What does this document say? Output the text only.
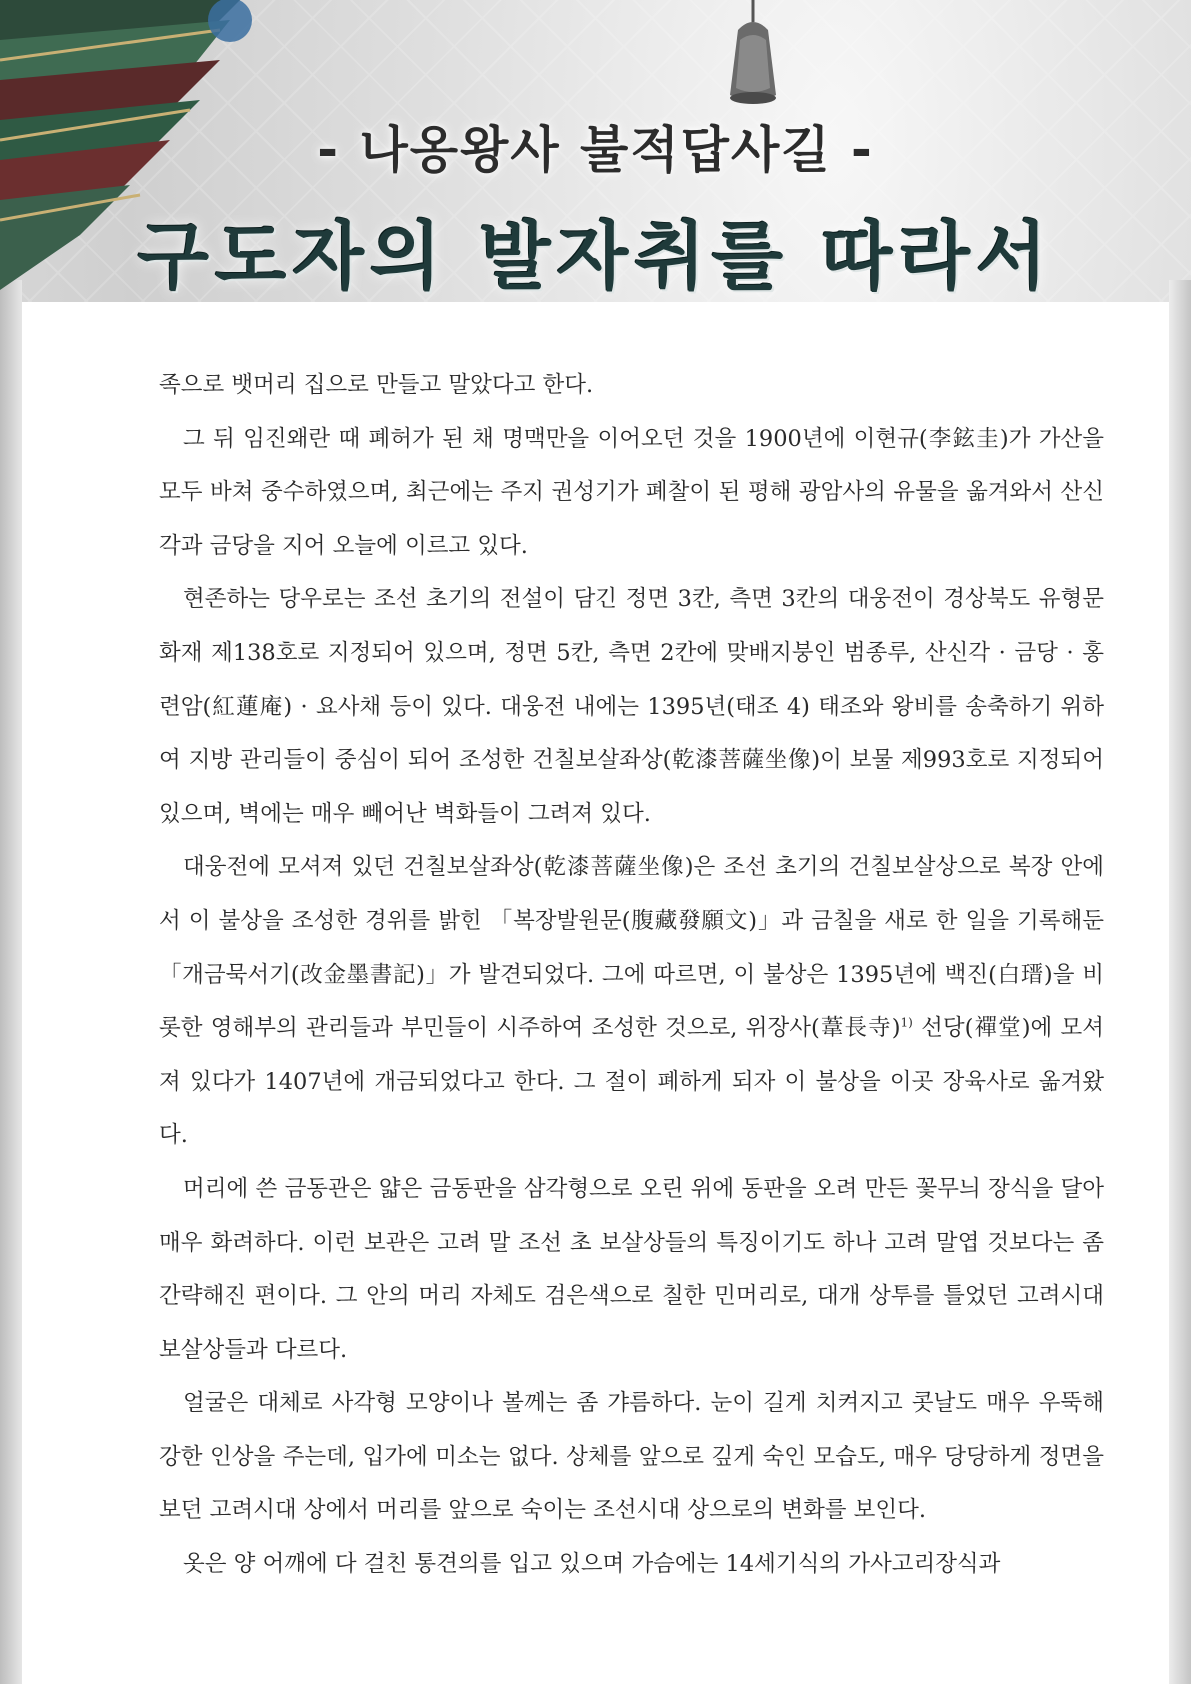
- 나옹왕사 불적답사길 -
구도자의 발자취를 따라서

족으로 뱃머리 집으로 만들고 말았다고 한다.

그 뒤 임진왜란 때 폐허가 된 채 명맥만을 이어오던 것을 1900년에 이현규(李鉉圭)가 가산을 모두 바쳐 중수하였으며, 최근에는 주지 권성기가 폐찰이 된 평해 광암사의 유물을 옮겨와서 산신각과 금당을 지어 오늘에 이르고 있다.

현존하는 당우로는 조선 초기의 전설이 담긴 정면 3칸, 측면 3칸의 대웅전이 경상북도 유형문화재 제138호로 지정되어 있으며, 정면 5칸, 측면 2칸에 맞배지붕인 범종루, 산신각 · 금당 · 홍련암(紅蓮庵) · 요사채 등이 있다. 대웅전 내에는 1395년(태조 4) 태조와 왕비를 송축하기 위하여 지방 관리들이 중심이 되어 조성한 건칠보살좌상(乾漆菩薩坐像)이 보물 제993호로 지정되어 있으며, 벽에는 매우 빼어난 벽화들이 그려져 있다.

대웅전에 모셔져 있던 건칠보살좌상(乾漆菩薩坐像)은 조선 초기의 건칠보살상으로 복장 안에서 이 불상을 조성한 경위를 밝힌 「복장발원문(腹藏發願文)」과 금칠을 새로 한 일을 기록해둔 「개금묵서기(改金墨書記)」가 발견되었다. 그에 따르면, 이 불상은 1395년에 백진(白瑨)을 비롯한 영해부의 관리들과 부민들이 시주하여 조성한 것으로, 위장사(葦長寺)$^{1)}$ 선당(禪堂)에 모셔져 있다가 1407년에 개금되었다고 한다. 그 절이 폐하게 되자 이 불상을 이곳 장육사로 옮겨왔다.

머리에 쓴 금동관은 얇은 금동판을 삼각형으로 오린 위에 동판을 오려 만든 꽃무늬 장식을 달아 매우 화려하다. 이런 보관은 고려 말 조선 초 보살상들의 특징이기도 하나 고려 말엽 것보다는 좀 간략해진 편이다. 그 안의 머리 자체도 검은색으로 칠한 민머리로, 대개 상투를 틀었던 고려시대 보살상들과 다르다.

얼굴은 대체로 사각형 모양이나 볼께는 좀 갸름하다. 눈이 길게 치켜지고 콧날도 매우 우뚝해 강한 인상을 주는데, 입가에 미소는 없다. 상체를 앞으로 깊게 숙인 모습도, 매우 당당하게 정면을 보던 고려시대 상에서 머리를 앞으로 숙이는 조선시대 상으로의 변화를 보인다.

옷은 양 어깨에 다 걸친 통견의를 입고 있으며 가슴에는 14세기식의 가사고리장식과
